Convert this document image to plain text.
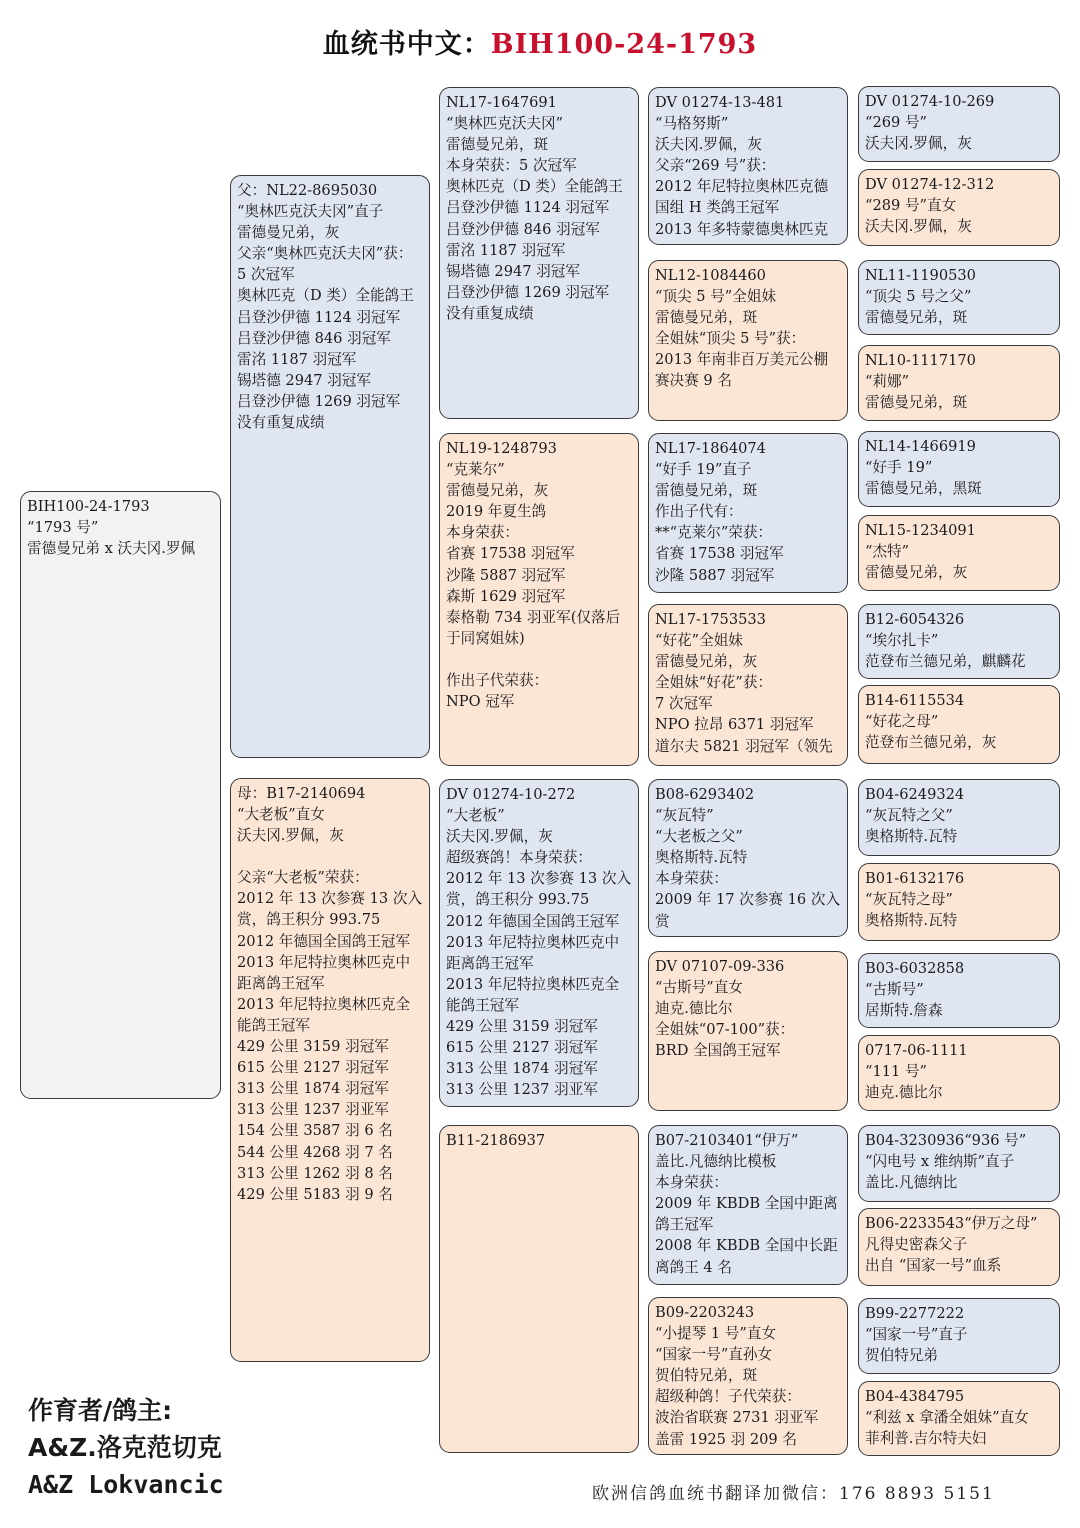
血统书中文：BIH100-24-1793
BIH100-24-1793
“1793 号”
雷德曼兄弟 x 沃夫冈.罗佩
父：NL22-8695030
“奥林匹克沃夫冈”直子
雷德曼兄弟，灰
父亲“奥林匹克沃夫冈”获：
5 次冠军
奥林匹克（D 类）全能鸽王
吕登沙伊德 1124 羽冠军
吕登沙伊德 846 羽冠军
雷洺 1187 羽冠军
锡塔德 2947 羽冠军
吕登沙伊德 1269 羽冠军
没有重复成绩
母：B17-2140694
“大老板”直女
沃夫冈.罗佩，灰
父亲“大老板”荣获：
2012 年 13 次参赛 13 次入赏，鸽王积分 993.75
2012 年德国全国鸽王冠军
2013 年尼特拉奥林匹克中距离鸽王冠军
2013 年尼特拉奥林匹克全能鸽王冠军
429 公里 3159 羽冠军
615 公里 2127 羽冠军
313 公里 1874 羽冠军
313 公里 1237 羽亚军
154 公里 3587 羽 6 名
544 公里 4268 羽 7 名
313 公里 1262 羽 8 名
429 公里 5183 羽 9 名
NL17-1647691
“奥林匹克沃夫冈”
雷德曼兄弟，斑
本身荣获：5 次冠军
奥林匹克（D 类）全能鸽王
吕登沙伊德 1124 羽冠军
吕登沙伊德 846 羽冠军
雷洺 1187 羽冠军
锡塔德 2947 羽冠军
吕登沙伊德 1269 羽冠军
没有重复成绩
NL19-1248793
“克莱尔”
雷德曼兄弟，灰
2019 年夏生鸽
本身荣获：
省赛 17538 羽冠军
沙隆 5887 羽冠军
森斯 1629 羽冠军
泰格勒 734 羽亚军(仅落后于同窝姐妹)
作出子代荣获：
NPO 冠军
DV 01274-10-272
“大老板”
沃夫冈.罗佩，灰
超级赛鸽！本身荣获：
2012 年 13 次参赛 13 次入赏，鸽王积分 993.75
2012 年德国全国鸽王冠军
2013 年尼特拉奥林匹克中距离鸽王冠军
2013 年尼特拉奥林匹克全能鸽王冠军
429 公里 3159 羽冠军
615 公里 2127 羽冠军
313 公里 1874 羽冠军
313 公里 1237 羽亚军
B11-2186937
DV 01274-13-481
“马格努斯”
沃夫冈.罗佩，灰
父亲“269 号”获：
2012 年尼特拉奥林匹克德国组 H 类鸽王冠军
2013 年多特蒙德奥林匹克
NL12-1084460
“顶尖 5 号”全姐妹
雷德曼兄弟，斑
全姐妹“顶尖 5 号”获：
2013 年南非百万美元公棚赛决赛 9 名
NL17-1864074
“好手 19”直子
雷德曼兄弟，斑
作出子代有：
**“克莱尔”荣获：
省赛 17538 羽冠军
沙隆 5887 羽冠军
NL17-1753533
“好花”全姐妹
雷德曼兄弟，灰
全姐妹“好花”获：
7 次冠军
NPO 拉昂 6371 羽冠军
道尔夫 5821 羽冠军（领先
B08-6293402
“灰瓦特”
“大老板之父”
奥格斯特.瓦特
本身荣获：
2009 年 17 次参赛 16 次入赏
DV 07107-09-336
“古斯号”直女
迪克.德比尔
全姐妹“07-100”获：
BRD 全国鸽王冠军
B07-2103401“伊万”
盖比.凡德纳比模板
本身荣获：
2009 年 KBDB 全国中距离鸽王冠军
2008 年 KBDB 全国中长距离鸽王 4 名
B09-2203243
“小提琴 1 号”直女
“国家一号”直孙女
贺伯特兄弟，斑
超级种鸽！子代荣获：
波治省联赛 2731 羽亚军
盖雷 1925 羽 209 名
DV 01274-10-269
“269 号”
沃夫冈.罗佩，灰
DV 01274-12-312
“289 号”直女
沃夫冈.罗佩，灰
NL11-1190530
“顶尖 5 号之父”
雷德曼兄弟，斑
NL10-1117170
“莉娜”
雷德曼兄弟，斑
NL14-1466919
“好手 19”
雷德曼兄弟，黑斑
NL15-1234091
“杰特”
雷德曼兄弟，灰
B12-6054326
“埃尔扎卡”
范登布兰德兄弟，麒麟花
B14-6115534
“好花之母”
范登布兰德兄弟，灰
B04-6249324
“灰瓦特之父”
奥格斯特.瓦特
B01-6132176
“灰瓦特之母”
奥格斯特.瓦特
B03-6032858
“古斯号”
居斯特.詹森
0717-06-1111
“111 号”
迪克.德比尔
B04-3230936“936 号”
“闪电号 x 维纳斯”直子
盖比.凡德纳比
B06-2233543“伊万之母”
凡得史密森父子
出自 “国家一号”血系
B99-2277222
“国家一号”直子
贺伯特兄弟
B04-4384795
“利兹 x 拿潘全姐妹”直女
菲利普.吉尔特夫妇
作育者/鸽主:
A&Z.洛克范切克
A&Z Lokvancic	欧洲信鸽血统书翻译加微信：176 8893 5151
